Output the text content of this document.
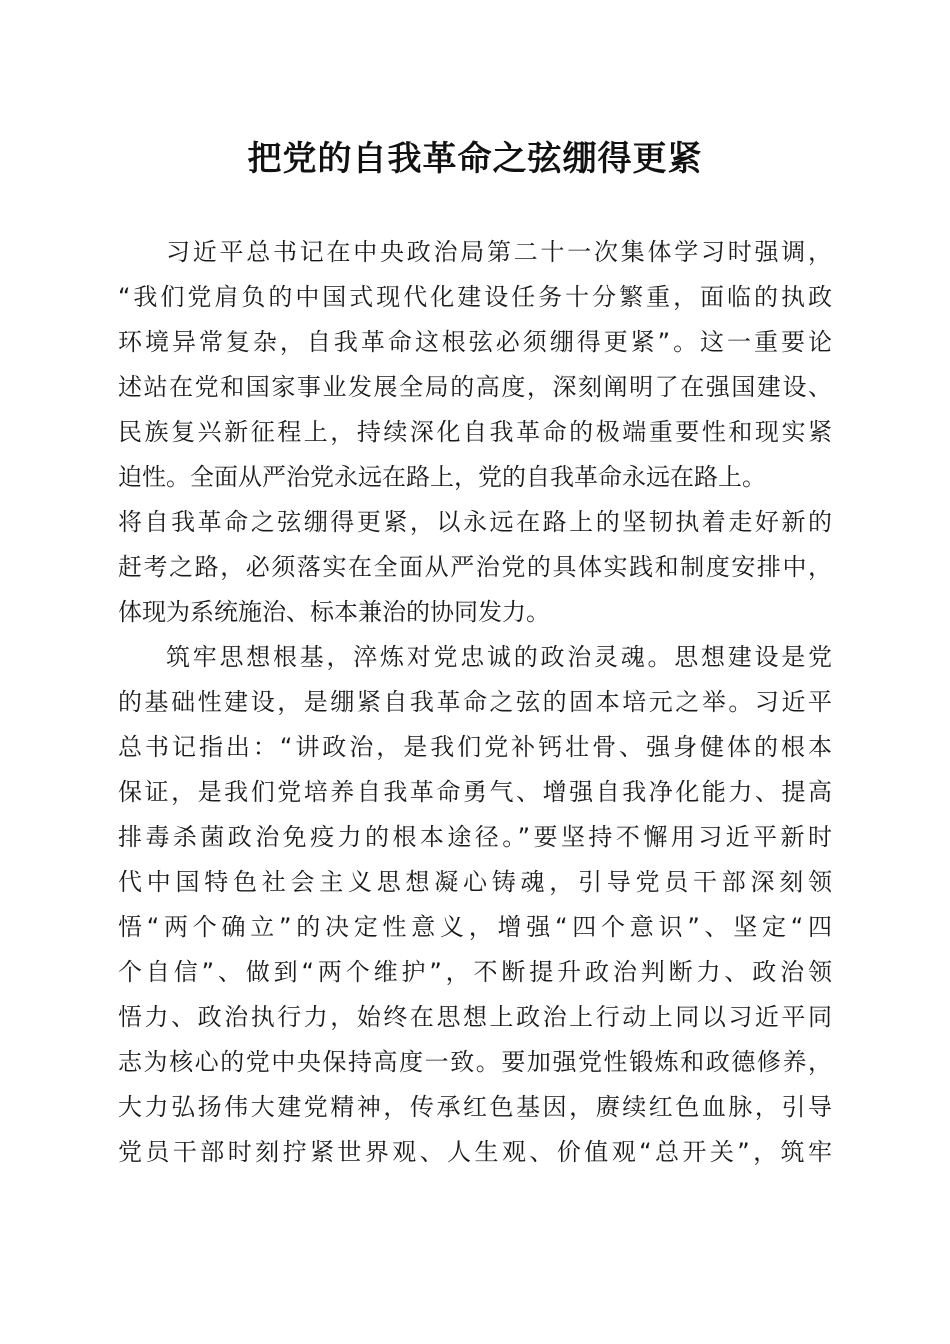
把党的自我革命之弦绷得更紧
习近平总书记在中央政治局第二十一次集体学习时强调，
“我们党肩负的中国式现代化建设任务十分繁重，面临的执政
环境异常复杂，自我革命这根弦必须绷得更紧”。这一重要论
述站在党和国家事业发展全局的高度，深刻阐明了在强国建设、
民族复兴新征程上，持续深化自我革命的极端重要性和现实紧
迫性。全面从严治党永远在路上，党的自我革命永远在路上。
将自我革命之弦绷得更紧，以永远在路上的坚韧执着走好新的
赶考之路，必须落实在全面从严治党的具体实践和制度安排中，
体现为系统施治、标本兼治的协同发力。
筑牢思想根基，淬炼对党忠诚的政治灵魂。思想建设是党
的基础性建设，是绷紧自我革命之弦的固本培元之举。习近平
总书记指出：“讲政治，是我们党补钙壮骨、强身健体的根本
保证，是我们党培养自我革命勇气、增强自我净化能力、提高
排毒杀菌政治免疫力的根本途径。”要坚持不懈用习近平新时
代中国特色社会主义思想凝心铸魂，引导党员干部深刻领
悟“两个确立”的决定性意义，增强“四个意识”、坚定“四
个自信”、做到“两个维护”，不断提升政治判断力、政治领
悟力、政治执行力，始终在思想上政治上行动上同以习近平同
志为核心的党中央保持高度一致。要加强党性锻炼和政德修养，
大力弘扬伟大建党精神，传承红色基因，赓续红色血脉，引导
党员干部时刻拧紧世界观、人生观、价值观“总开关”，筑牢
